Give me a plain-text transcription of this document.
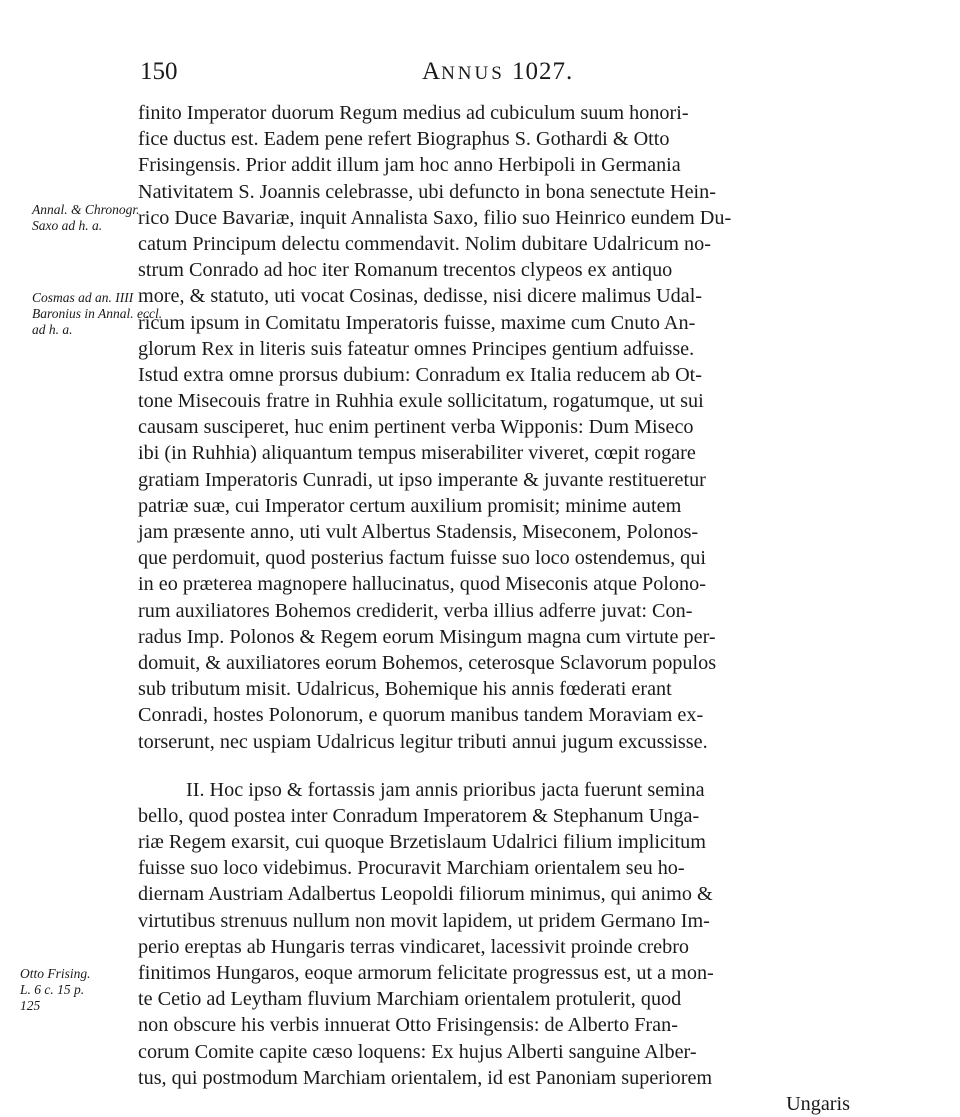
150	ANNUS 1027.
Annal. & Chronogr.
Saxo ad h. a.
Cosmas ad an. IIII
Baronius in Annal. eccl.
ad h. a.
Otto Frising.
L. 6 c. 15 p.
125
finito Imperator duorum Regum medius ad cubiculum suum honori-
fice ductus est. Eadem pene refert Biographus S. Gothardi & Otto
Frisingensis. Prior addit illum jam hoc anno Herbipoli in Germania
Nativitatem S. Joannis celebrasse, ubi defuncto in bona senectute Hein-
rico Duce Bavariæ, inquit Annalista Saxo, filio suo Heinrico eundem Du-
catum Principum delectu commendavit. Nolim dubitare Udalricum no-
strum Conrado ad hoc iter Romanum trecentos clypeos ex antiquo
more, & statuto, uti vocat Cosinas, dedisse, nisi dicere malimus Udal-
ricum ipsum in Comitatu Imperatoris fuisse, maxime cum Cnuto An-
glorum Rex in literis suis fateatur omnes Principes gentium adfuisse.
Istud extra omne prorsus dubium: Conradum ex Italia reducem ab Ot-
tone Misecouis fratre in Ruhhia exule sollicitatum, rogatumque, ut sui
causam susciperet, huc enim pertinent verba Wipponis: Dum Miseco
ibi (in Ruhhia) aliquantum tempus miserabiliter viveret, cœpit rogare
gratiam Imperatoris Cunradi, ut ipso imperante & juvante restitueretur
patriæ suæ, cui Imperator certum auxilium promisit; minime autem
jam præsente anno, uti vult Albertus Stadensis, Miseconem, Polonos-
que perdomuit, quod posterius factum fuisse suo loco ostendemus, qui
in eo præterea magnopere hallucinatus, quod Miseconis atque Polono-
rum auxiliatores Bohemos crediderit, verba illius adferre juvat: Con-
radus Imp. Polonos & Regem eorum Misingum magna cum virtute per-
domuit, & auxiliatores eorum Bohemos, ceterosque Sclavorum populos
sub tributum misit. Udalricus, Bohemique his annis fœderati erant
Conradi, hostes Polonorum, e quorum manibus tandem Moraviam ex-
torserunt, nec uspiam Udalricus legitur tributi annui jugum excussisse.
II. Hoc ipso & fortassis jam annis prioribus jacta fuerunt semina
bello, quod postea inter Conradum Imperatorem & Stephanum Unga-
riæ Regem exarsit, cui quoque Brzetislaum Udalrici filium implicitum
fuisse suo loco videbimus. Procuravit Marchiam orientalem seu ho-
diernam Austriam Adalbertus Leopoldi filiorum minimus, qui animo &
virtutibus strenuus nullum non movit lapidem, ut pridem Germano Im-
perio ereptas ab Hungaris terras vindicaret, lacessivit proinde crebro
finitimos Hungaros, eoque armorum felicitate progressus est, ut a mon-
te Cetio ad Leytham fluvium Marchiam orientalem protulerit, quod
non obscure his verbis innuerat Otto Frisingensis: de Alberto Fran-
corum Comite capite cæso loquens: Ex hujus Alberti sanguine Alber-
tus, qui postmodum Marchiam orientalem, id est Panoniam superiorem
Ungaris
